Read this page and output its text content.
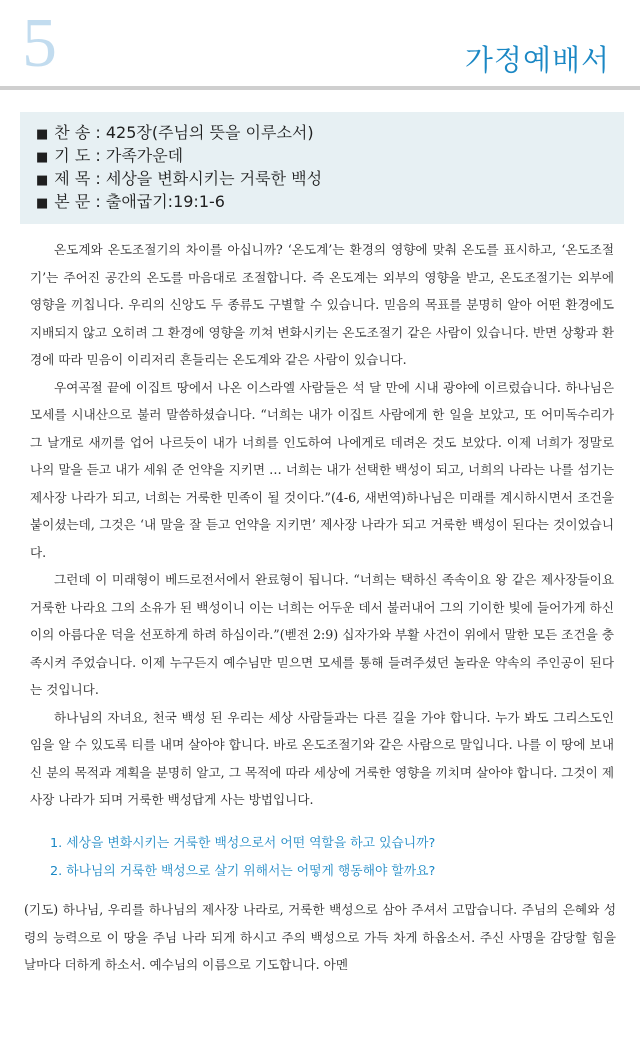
5	가정예배서
■ 찬 송 : 425장(주님의 뜻을 이루소서)
■ 기 도 : 가족가운데
■ 제 목 : 세상을 변화시키는 거룩한 백성
■ 본 문 : 출애굽기:19:1-6

온도계와 온도조절기의 차이를 아십니까? ‘온도계’는 환경의 영향에 맞춰 온도를 표시하고, ‘온도조절기’는 주어진 공간의 온도를 마음대로 조절합니다. 즉 온도계는 외부의 영향을 받고, 온도조절기는 외부에 영향을 끼칩니다. 우리의 신앙도 두 종류도 구별할 수 있습니다. 믿음의 목표를 분명히 알아 어떤 환경에도 지배되지 않고 오히려 그 환경에 영향을 끼쳐 변화시키는 온도조절기 같은 사람이 있습니다. 반면 상황과 환경에 따라 믿음이 이리저리 흔들리는 온도계와 같은 사람이 있습니다.

우여곡절 끝에 이집트 땅에서 나온 이스라엘 사람들은 석 달 만에 시내 광야에 이르렀습니다. 하나님은 모세를 시내산으로 불러 말씀하셨습니다. “너희는 내가 이집트 사람에게 한 일을 보았고, 또 어미독수리가 그 날개로 새끼를 업어 나르듯이 내가 너희를 인도하여 나에게로 데려온 것도 보았다. 이제 너희가 정말로 나의 말을 듣고 내가 세워 준 언약을 지키면 … 너희는 내가 선택한 백성이 되고, 너희의 나라는 나를 섬기는 제사장 나라가 되고, 너희는 거룩한 민족이 될 것이다.”(4-6, 새번역)하나님은 미래를 계시하시면서 조건을 붙이셨는데, 그것은 ‘내 말을 잘 듣고 언약을 지키면’ 제사장 나라가 되고 거룩한 백성이 된다는 것이었습니다.

그런데 이 미래형이 베드로전서에서 완료형이 됩니다. “너희는 택하신 족속이요 왕 같은 제사장들이요 거룩한 나라요 그의 소유가 된 백성이니 이는 너희는 어두운 데서 불러내어 그의 기이한 빛에 들어가게 하신 이의 아름다운 덕을 선포하게 하려 하심이라.”(벧전 2:9) 십자가와 부활 사건이 위에서 말한 모든 조건을 충족시켜 주었습니다. 이제 누구든지 예수님만 믿으면 모세를 통해 들려주셨던 놀라운 약속의 주인공이 된다는 것입니다.

하나님의 자녀요, 천국 백성 된 우리는 세상 사람들과는 다른 길을 가야 합니다. 누가 봐도 그리스도인임을 알 수 있도록 티를 내며 살아야 합니다. 바로 온도조절기와 같은 사람으로 말입니다. 나를 이 땅에 보내신 분의 목적과 계획을 분명히 알고, 그 목적에 따라 세상에 거룩한 영향을 끼치며 살아야 합니다. 그것이 제사장 나라가 되며 거룩한 백성답게 사는 방법입니다.

1. 세상을 변화시키는 거룩한 백성으로서 어떤 역할을 하고 있습니까?
2. 하나님의 거룩한 백성으로 살기 위해서는 어떻게 행동해야 할까요?
(기도) 하나님, 우리를 하나님의 제사장 나라로, 거룩한 백성으로 삼아 주셔서 고맙습니다. 주님의 은혜와 성령의 능력으로 이 땅을 주님 나라 되게 하시고 주의 백성으로 가득 차게 하옵소서. 주신 사명을 감당할 힘을 날마다 더하게 하소서. 예수님의 이름으로 기도합니다. 아멘
